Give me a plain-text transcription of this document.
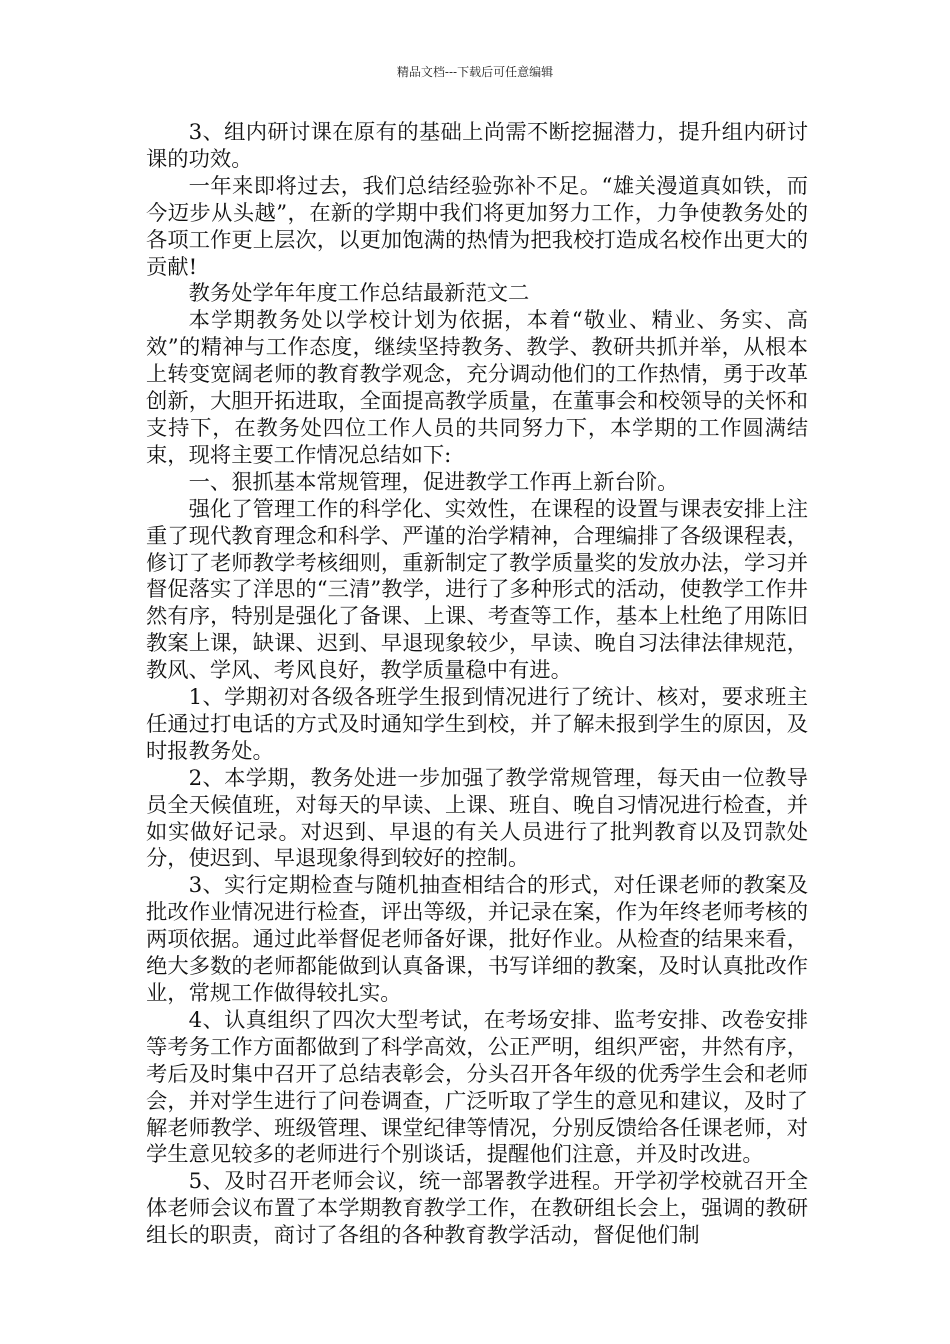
精品文档---下载后可任意编辑

3、组内研讨课在原有的基础上尚需不断挖掘潜力，提升组内研讨课的功效。

一年来即将过去，我们总结经验弥补不足。“雄关漫道真如铁，而今迈步从头越”，在新的学期中我们将更加努力工作，力争使教务处的各项工作更上层次，以更加饱满的热情为把我校打造成名校作出更大的贡献!

教务处学年年度工作总结最新范文二

本学期教务处以学校计划为依据，本着“敬业、精业、务实、高效”的精神与工作态度，继续坚持教务、教学、教研共抓并举，从根本上转变宽阔老师的教育教学观念，充分调动他们的工作热情，勇于改革创新，大胆开拓进取，全面提高教学质量，在董事会和校领导的关怀和支持下，在教务处四位工作人员的共同努力下，本学期的工作圆满结束，现将主要工作情况总结如下:

一、狠抓基本常规管理，促进教学工作再上新台阶。

强化了管理工作的科学化、实效性，在课程的设置与课表安排上注重了现代教育理念和科学、严谨的治学精神，合理编排了各级课程表，修订了老师教学考核细则，重新制定了教学质量奖的发放办法，学习并督促落实了洋思的“三清”教学，进行了多种形式的活动，使教学工作井然有序，特别是强化了备课、上课、考查等工作，基本上杜绝了用陈旧教案上课，缺课、迟到、早退现象较少，早读、晚自习法律法律规范，教风、学风、考风良好，教学质量稳中有进。

1、学期初对各级各班学生报到情况进行了统计、核对，要求班主任通过打电话的方式及时通知学生到校，并了解未报到学生的原因，及时报教务处。

2、本学期，教务处进一步加强了教学常规管理，每天由一位教导员全天候值班，对每天的早读、上课、班自、晚自习情况进行检查，并如实做好记录。对迟到、早退的有关人员进行了批判教育以及罚款处分，使迟到、早退现象得到较好的控制。

3、实行定期检查与随机抽查相结合的形式，对任课老师的教案及批改作业情况进行检查，评出等级，并记录在案，作为年终老师考核的两项依据。通过此举督促老师备好课，批好作业。从检查的结果来看，绝大多数的老师都能做到认真备课，书写详细的教案，及时认真批改作业，常规工作做得较扎实。

4、认真组织了四次大型考试，在考场安排、监考安排、改卷安排等考务工作方面都做到了科学高效，公正严明，组织严密，井然有序，考后及时集中召开了总结表彰会，分头召开各年级的优秀学生会和老师会，并对学生进行了问卷调查，广泛听取了学生的意见和建议，及时了解老师教学、班级管理、课堂纪律等情况，分别反馈给各任课老师，对学生意见较多的老师进行个别谈话，提醒他们注意，并及时改进。

5、及时召开老师会议，统一部署教学进程。开学初学校就召开全体老师会议布置了本学期教育教学工作，在教研组长会上，强调的教研组长的职责，商讨了各组的各种教育教学活动，督促他们制
